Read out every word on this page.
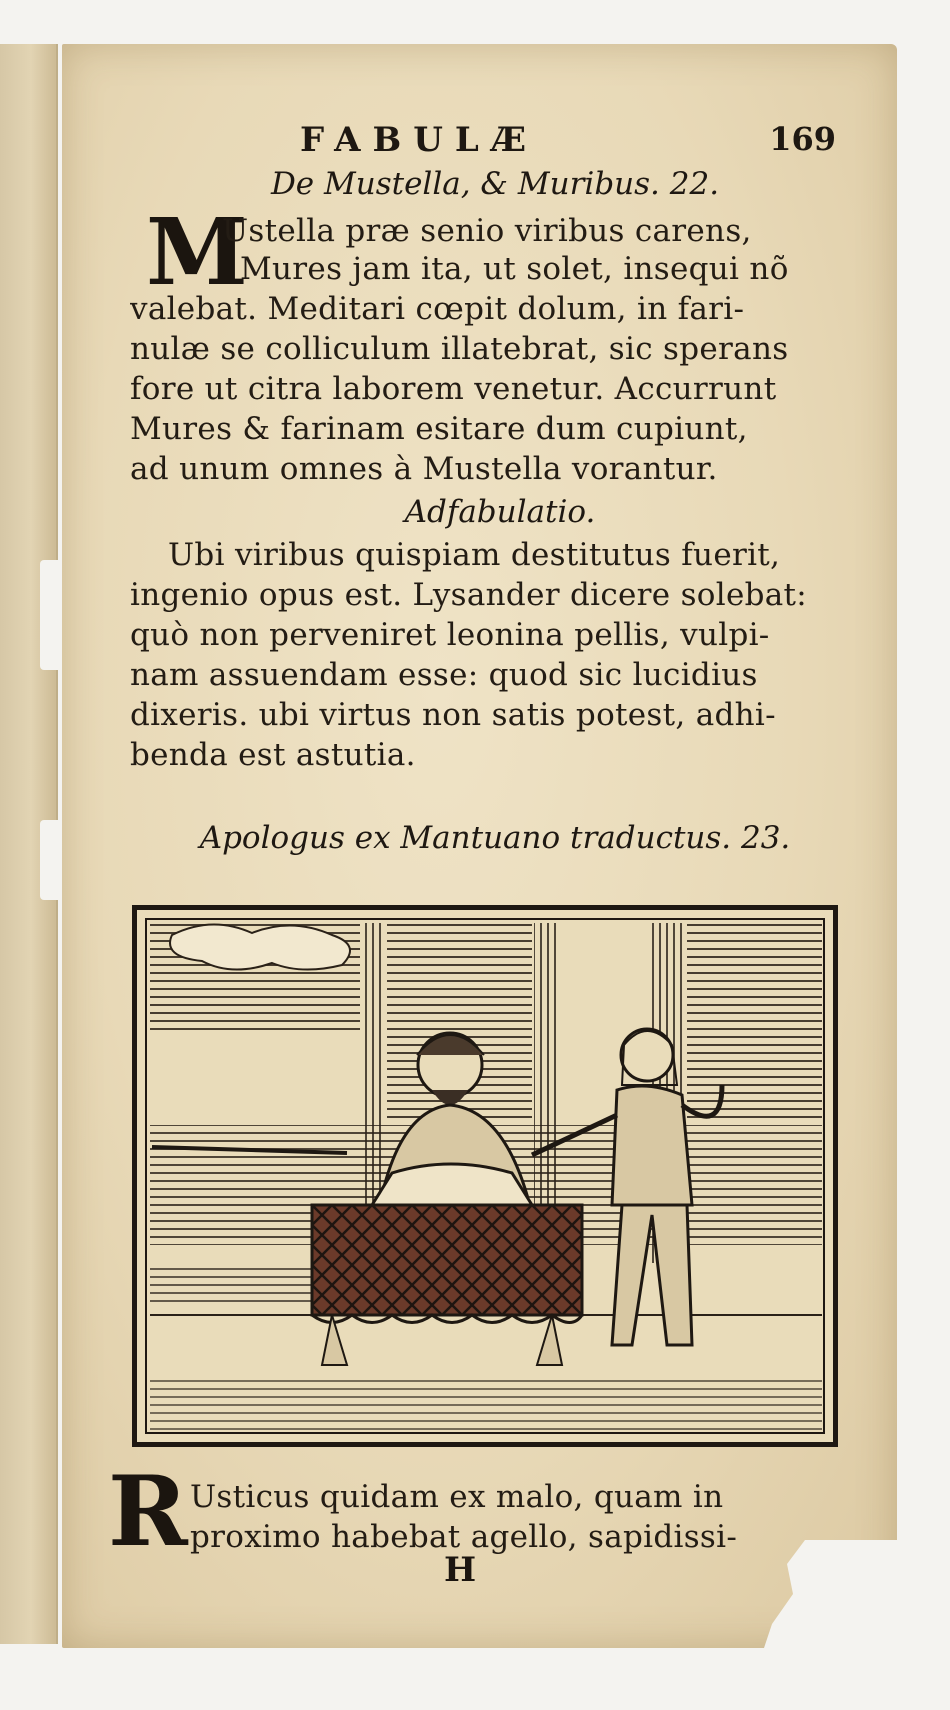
FABULÆ	169
De Mustella, & Muribus. 22.
M
Ustella præ senio viribus carens,
Mures jam ita, ut solet, insequi nõ
valebat. Meditari cœpit dolum, in fari-
nulæ se colliculum illatebrat, sic sperans
fore ut citra laborem venetur. Accurrunt
Mures & farinam esitare dum cupiunt,
ad unum omnes à Mustella vorantur.
Adfabulatio.
Ubi viribus quispiam destitutus fuerit,
ingenio opus est. Lysander dicere solebat:
quò non perveniret leonina pellis, vulpi-
nam assuendam esse: quod sic lucidius
dixeris. ubi virtus non satis potest, adhi-
benda est astutia.
Apologus ex Mantuano traductus. 23.
R Usticus quidam ex malo, quam in
proximo habebat agello, sapidissi-
H
